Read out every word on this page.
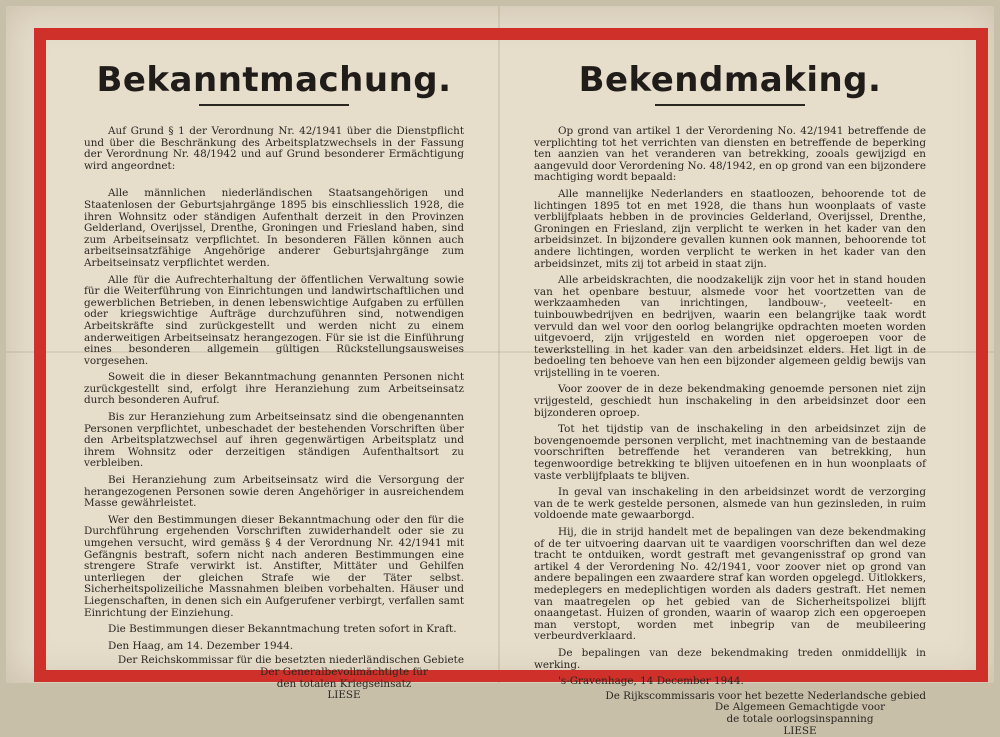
Bekanntmachung.

Auf Grund § 1 der Verordnung Nr. 42/1941 über die Dienstpflicht und über die Beschränkung des Arbeitsplatzwechsels in der Fassung der Verordnung Nr. 48/1942 und auf Grund besonderer Ermächtigung wird angeordnet:

Alle männlichen niederländischen Staatsangehörigen und Staatenlosen der Geburtsjahrgänge 1895 bis einschliesslich 1928, die ihren Wohnsitz oder ständigen Aufenthalt derzeit in den Provinzen Gelderland, Overijssel, Drenthe, Groningen und Friesland haben, sind zum Arbeitseinsatz verpflichtet. In besonderen Fällen können auch arbeitseinsatzfähige Angehörige anderer Geburtsjahrgänge zum Arbeitseinsatz verpflichtet werden.

Alle für die Aufrechterhaltung der öffentlichen Verwaltung sowie für die Weiterführung von Einrichtungen und landwirtschaftlichen und gewerblichen Betrieben, in denen lebenswichtige Aufgaben zu erfüllen oder kriegswichtige Aufträge durchzuführen sind, notwendigen Arbeitskräfte sind zurückgestellt und werden nicht zu einem anderweitigen Arbeitseinsatz herangezogen. Für sie ist die Einführung eines besonderen allgemein gültigen Rückstellungsausweises vorgesehen.

Soweit die in dieser Bekanntmachung genannten Personen nicht zurückgestellt sind, erfolgt ihre Heranziehung zum Arbeitseinsatz durch besonderen Aufruf.

Bis zur Heranziehung zum Arbeitseinsatz sind die obengenannten Personen verpflichtet, unbeschadet der bestehenden Vorschriften über den Arbeitsplatzwechsel auf ihren gegenwärtigen Arbeitsplatz und ihrem Wohnsitz oder derzeitigen ständigen Aufenthaltsort zu verbleiben.

Bei Heranziehung zum Arbeitseinsatz wird die Versorgung der herangezogenen Personen sowie deren Angehöriger in ausreichendem Masse gewährleistet.

Wer den Bestimmungen dieser Bekanntmachung oder den für die Durchführung ergehenden Vorschriften zuwiderhandelt oder sie zu umgehen versucht, wird gemäss § 4 der Verordnung Nr. 42/1941 mit Gefängnis bestraft, sofern nicht nach anderen Bestimmungen eine strengere Strafe verwirkt ist. Anstifter, Mittäter und Gehilfen unterliegen der gleichen Strafe wie der Täter selbst. Sicherheitspolizeiliche Massnahmen bleiben vorbehalten. Häuser und Liegenschaften, in denen sich ein Aufgerufener verbirgt, verfallen samt Einrichtung der Einziehung.

Die Bestimmungen dieser Bekanntmachung treten sofort in Kraft.

Den Haag, am 14. Dezember 1944.

Der Reichskommissar für die besetzten niederländischen Gebiete

Der Generalbevollmächtigte für

den totalen Kriegseinsatz

LIESE

Bekendmaking.

Op grond van artikel 1 der Verordening No. 42/1941 betreffende de verplichting tot het verrichten van diensten en betreffende de beperking ten aanzien van het veranderen van betrekking, zooals gewijzigd en aangevuld door Verordening No. 48/1942, en op grond van een bijzondere machtiging wordt bepaald:

Alle mannelijke Nederlanders en staatloozen, behoorende tot de lichtingen 1895 tot en met 1928, die thans hun woonplaats of vaste verblijfplaats hebben in de provincies Gelderland, Overijssel, Drenthe, Groningen en Friesland, zijn verplicht te werken in het kader van den arbeidsinzet. In bijzondere gevallen kunnen ook mannen, behoorende tot andere lichtingen, worden verplicht te werken in het kader van den arbeidsinzet, mits zij tot arbeid in staat zijn.

Alle arbeidskrachten, die noodzakelijk zijn voor het in stand houden van het openbare bestuur, alsmede voor het voortzetten van de werkzaamheden van inrichtingen, landbouw-, veeteelt- en tuinbouwbedrijven en bedrijven, waarin een belangrijke taak wordt vervuld dan wel voor den oorlog belangrijke opdrachten moeten worden uitgevoerd, zijn vrijgesteld en worden niet opgeroepen voor de tewerkstelling in het kader van den arbeidsinzet elders. Het ligt in de bedoeling ten behoeve van hen een bijzonder algemeen geldig bewijs van vrijstelling in te voeren.

Voor zoover de in deze bekendmaking genoemde personen niet zijn vrijgesteld, geschiedt hun inschakeling in den arbeidsinzet door een bijzonderen oproep.

Tot het tijdstip van de inschakeling in den arbeidsinzet zijn de bovengenoemde personen verplicht, met inachtneming van de bestaande voorschriften betreffende het veranderen van betrekking, hun tegenwoordige betrekking te blijven uitoefenen en in hun woonplaats of vaste verblijfplaats te blijven.

In geval van inschakeling in den arbeidsinzet wordt de verzorging van de te werk gestelde personen, alsmede van hun gezinsleden, in ruim voldoende mate gewaarborgd.

Hij, die in strijd handelt met de bepalingen van deze bekendmaking of de ter uitvoering daarvan uit te vaardigen voorschriften dan wel deze tracht te ontduiken, wordt gestraft met gevangenisstraf op grond van artikel 4 der Verordening No. 42/1941, voor zoover niet op grond van andere bepalingen een zwaardere straf kan worden opgelegd. Uitlokkers, medeplegers en medeplichtigen worden als daders gestraft. Het nemen van maatregelen op het gebied van de Sicherheitspolizei blijft onaangetast. Huizen of gronden, waarin of waarop zich een opgeroepen man verstopt, worden met inbegrip van de meubileering verbeurdverklaard.

De bepalingen van deze bekendmaking treden onmiddellijk in werking.

's-Gravenhage, 14 December 1944.

De Rijkscommissaris voor het bezette Nederlandsche gebied

De Algemeen Gemachtigde voor

de totale oorlogsinspanning

LIESE
